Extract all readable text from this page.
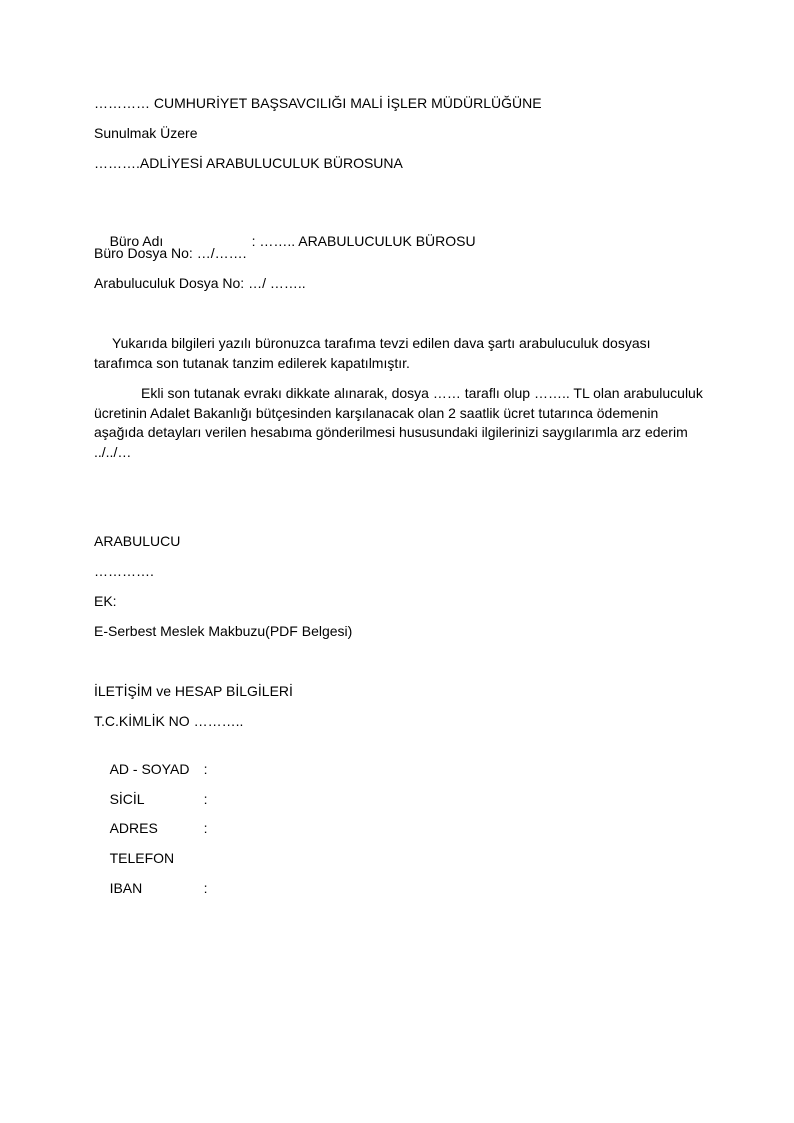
………… CUMHURİYET BAŞSAVCILIĞI MALİ İŞLER MÜDÜRLÜĞÜNE
Sunulmak Üzere
……….ADLİYESİ ARABULUCULUK BÜROSUNA

Büro Adı	: …….. ARABULUCULUK BÜROSU

Büro Dosya No: …/…….
Arabuluculuk Dosya No: …/ ……..
Yukarıda bilgileri yazılı büronuzca tarafıma tevzi edilen dava şartı arabuluculuk dosyası tarafımca son tutanak tanzim edilerek kapatılmıştır.
Ekli son tutanak evrakı dikkate alınarak, dosya …… taraflı olup …….. TL olan arabuluculuk ücretinin Adalet Bakanlığı bütçesinden karşılanacak olan 2 saatlik ücret tutarınca ödemenin aşağıda detayları verilen hesabıma gönderilmesi hususundaki ilgilerinizi saygılarımla arz ederim ../../…
ARABULUCU
………….
EK:
E-Serbest Meslek Makbuzu(PDF Belgesi)
İLETİŞİM ve HESAP BİLGİLERİ
T.C.KİMLİK NO ………..

AD - SOYAD :

SİCİL	:

ADRES	:

TELEFON

IBAN	:
